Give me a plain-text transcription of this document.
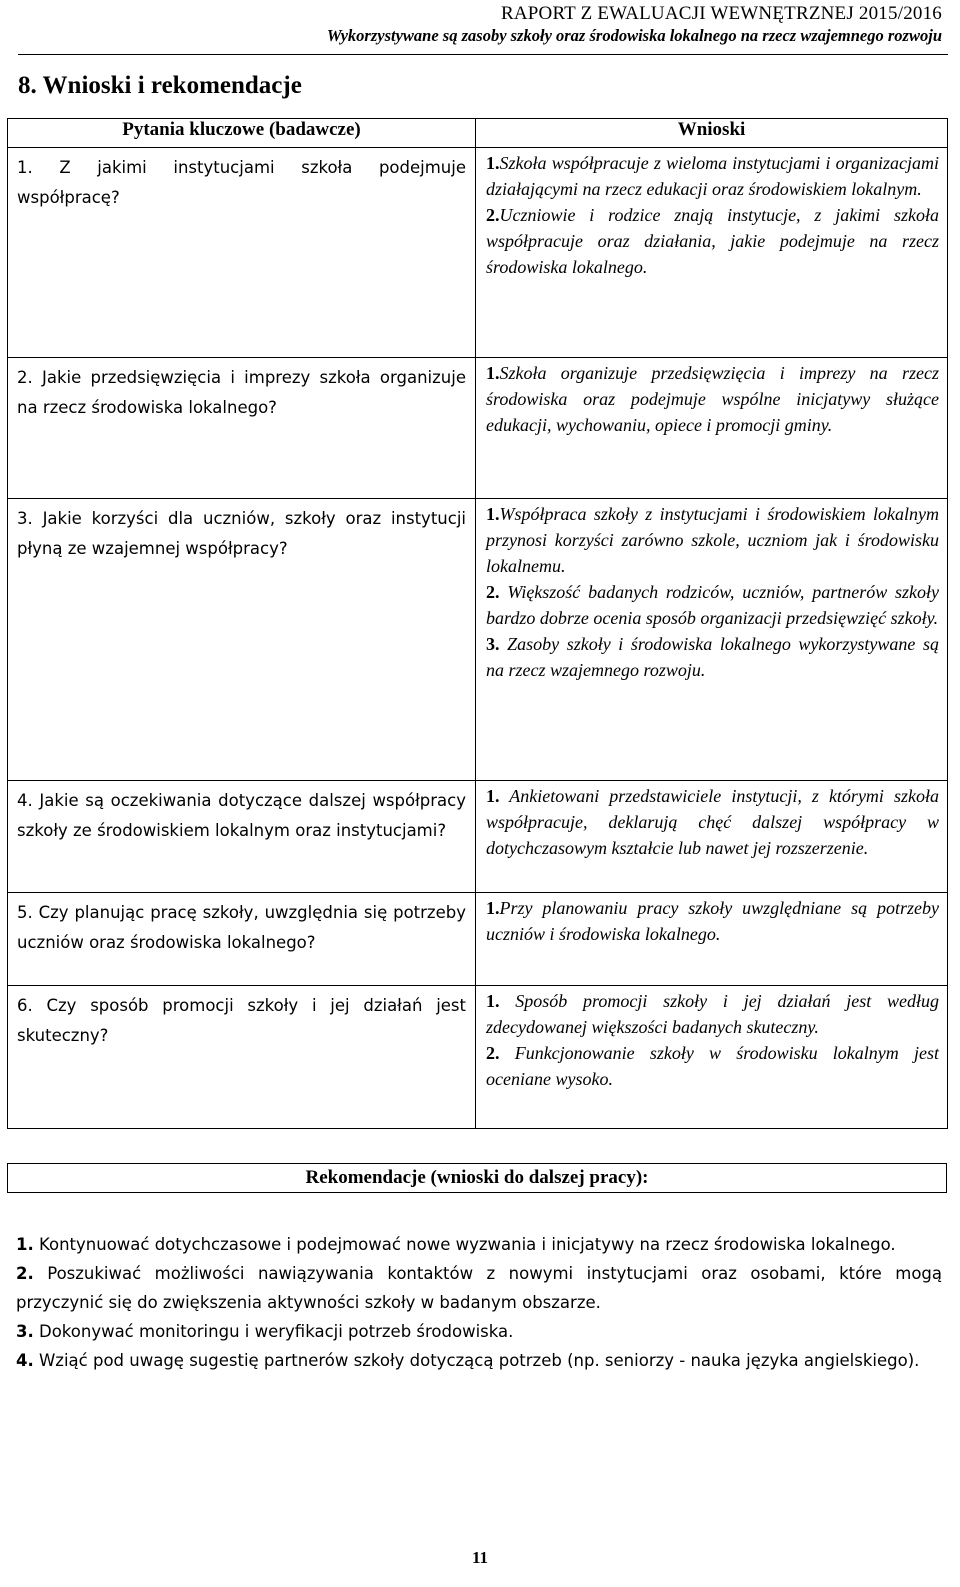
RAPORT Z EWALUACJI WEWNĘTRZNEJ 2015/2016
Wykorzystywane są zasoby szkoły oraz środowiska lokalnego na rzecz wzajemnego rozwoju
8. Wnioski i rekomendacje
Pytania kluczowe (badawcze)	Wnioski

1. Z jakimi instytucjami szkoła podejmuje współpracę?	1.Szkoła współpracuje z wieloma instytucjami i organizacjami działającymi na rzecz edukacji oraz środowiskiem lokalnym.

2.Uczniowie i rodzice znają instytucje, z jakimi szkoła współpracuje oraz działania, jakie podejmuje na rzecz środowiska lokalnego.

2. Jakie przedsięwzięcia i imprezy szkoła organizuje na rzecz środowiska lokalnego?	1.Szkoła organizuje przedsięwzięcia i imprezy na rzecz środowiska oraz podejmuje wspólne inicjatywy służące edukacji, wychowaniu, opiece i promocji gminy.

3. Jakie korzyści dla uczniów, szkoły oraz instytucji płyną ze wzajemnej współpracy?	1.Współpraca szkoły z instytucjami i środowiskiem lokalnym przynosi korzyści zarówno szkole, uczniom jak i środowisku lokalnemu.

2. Większość badanych rodziców, uczniów, partnerów szkoły bardzo dobrze ocenia sposób organizacji przedsięwzięć szkoły.

3. Zasoby szkoły i środowiska lokalnego wykorzystywane są na rzecz wzajemnego rozwoju.

4. Jakie są oczekiwania dotyczące dalszej współpracy szkoły ze środowiskiem lokalnym oraz instytucjami?	1. Ankietowani przedstawiciele instytucji, z którymi szkoła współpracuje, deklarują chęć dalszej współpracy w dotychczasowym kształcie lub nawet jej rozszerzenie.

5. Czy planując pracę szkoły, uwzględnia się potrzeby uczniów oraz środowiska lokalnego?	1.Przy planowaniu pracy szkoły uwzględniane są potrzeby uczniów i środowiska lokalnego.

6. Czy sposób promocji szkoły i jej działań jest skuteczny?	1. Sposób promocji szkoły i jej działań jest według zdecydowanej większości badanych skuteczny.

2. Funkcjonowanie szkoły w środowisku lokalnym jest oceniane wysoko.

Rekomendacje (wnioski do dalszej pracy):

1. Kontynuować dotychczasowe i podejmować nowe wyzwania i inicjatywy na rzecz środowiska lokalnego.

2. Poszukiwać możliwości nawiązywania kontaktów z nowymi instytucjami oraz osobami, które mogą przyczynić się do zwiększenia aktywności szkoły w badanym obszarze.

3. Dokonywać monitoringu i weryfikacji potrzeb środowiska.

4. Wziąć pod uwagę sugestię partnerów szkoły dotyczącą potrzeb (np. seniorzy - nauka języka angielskiego).

11
